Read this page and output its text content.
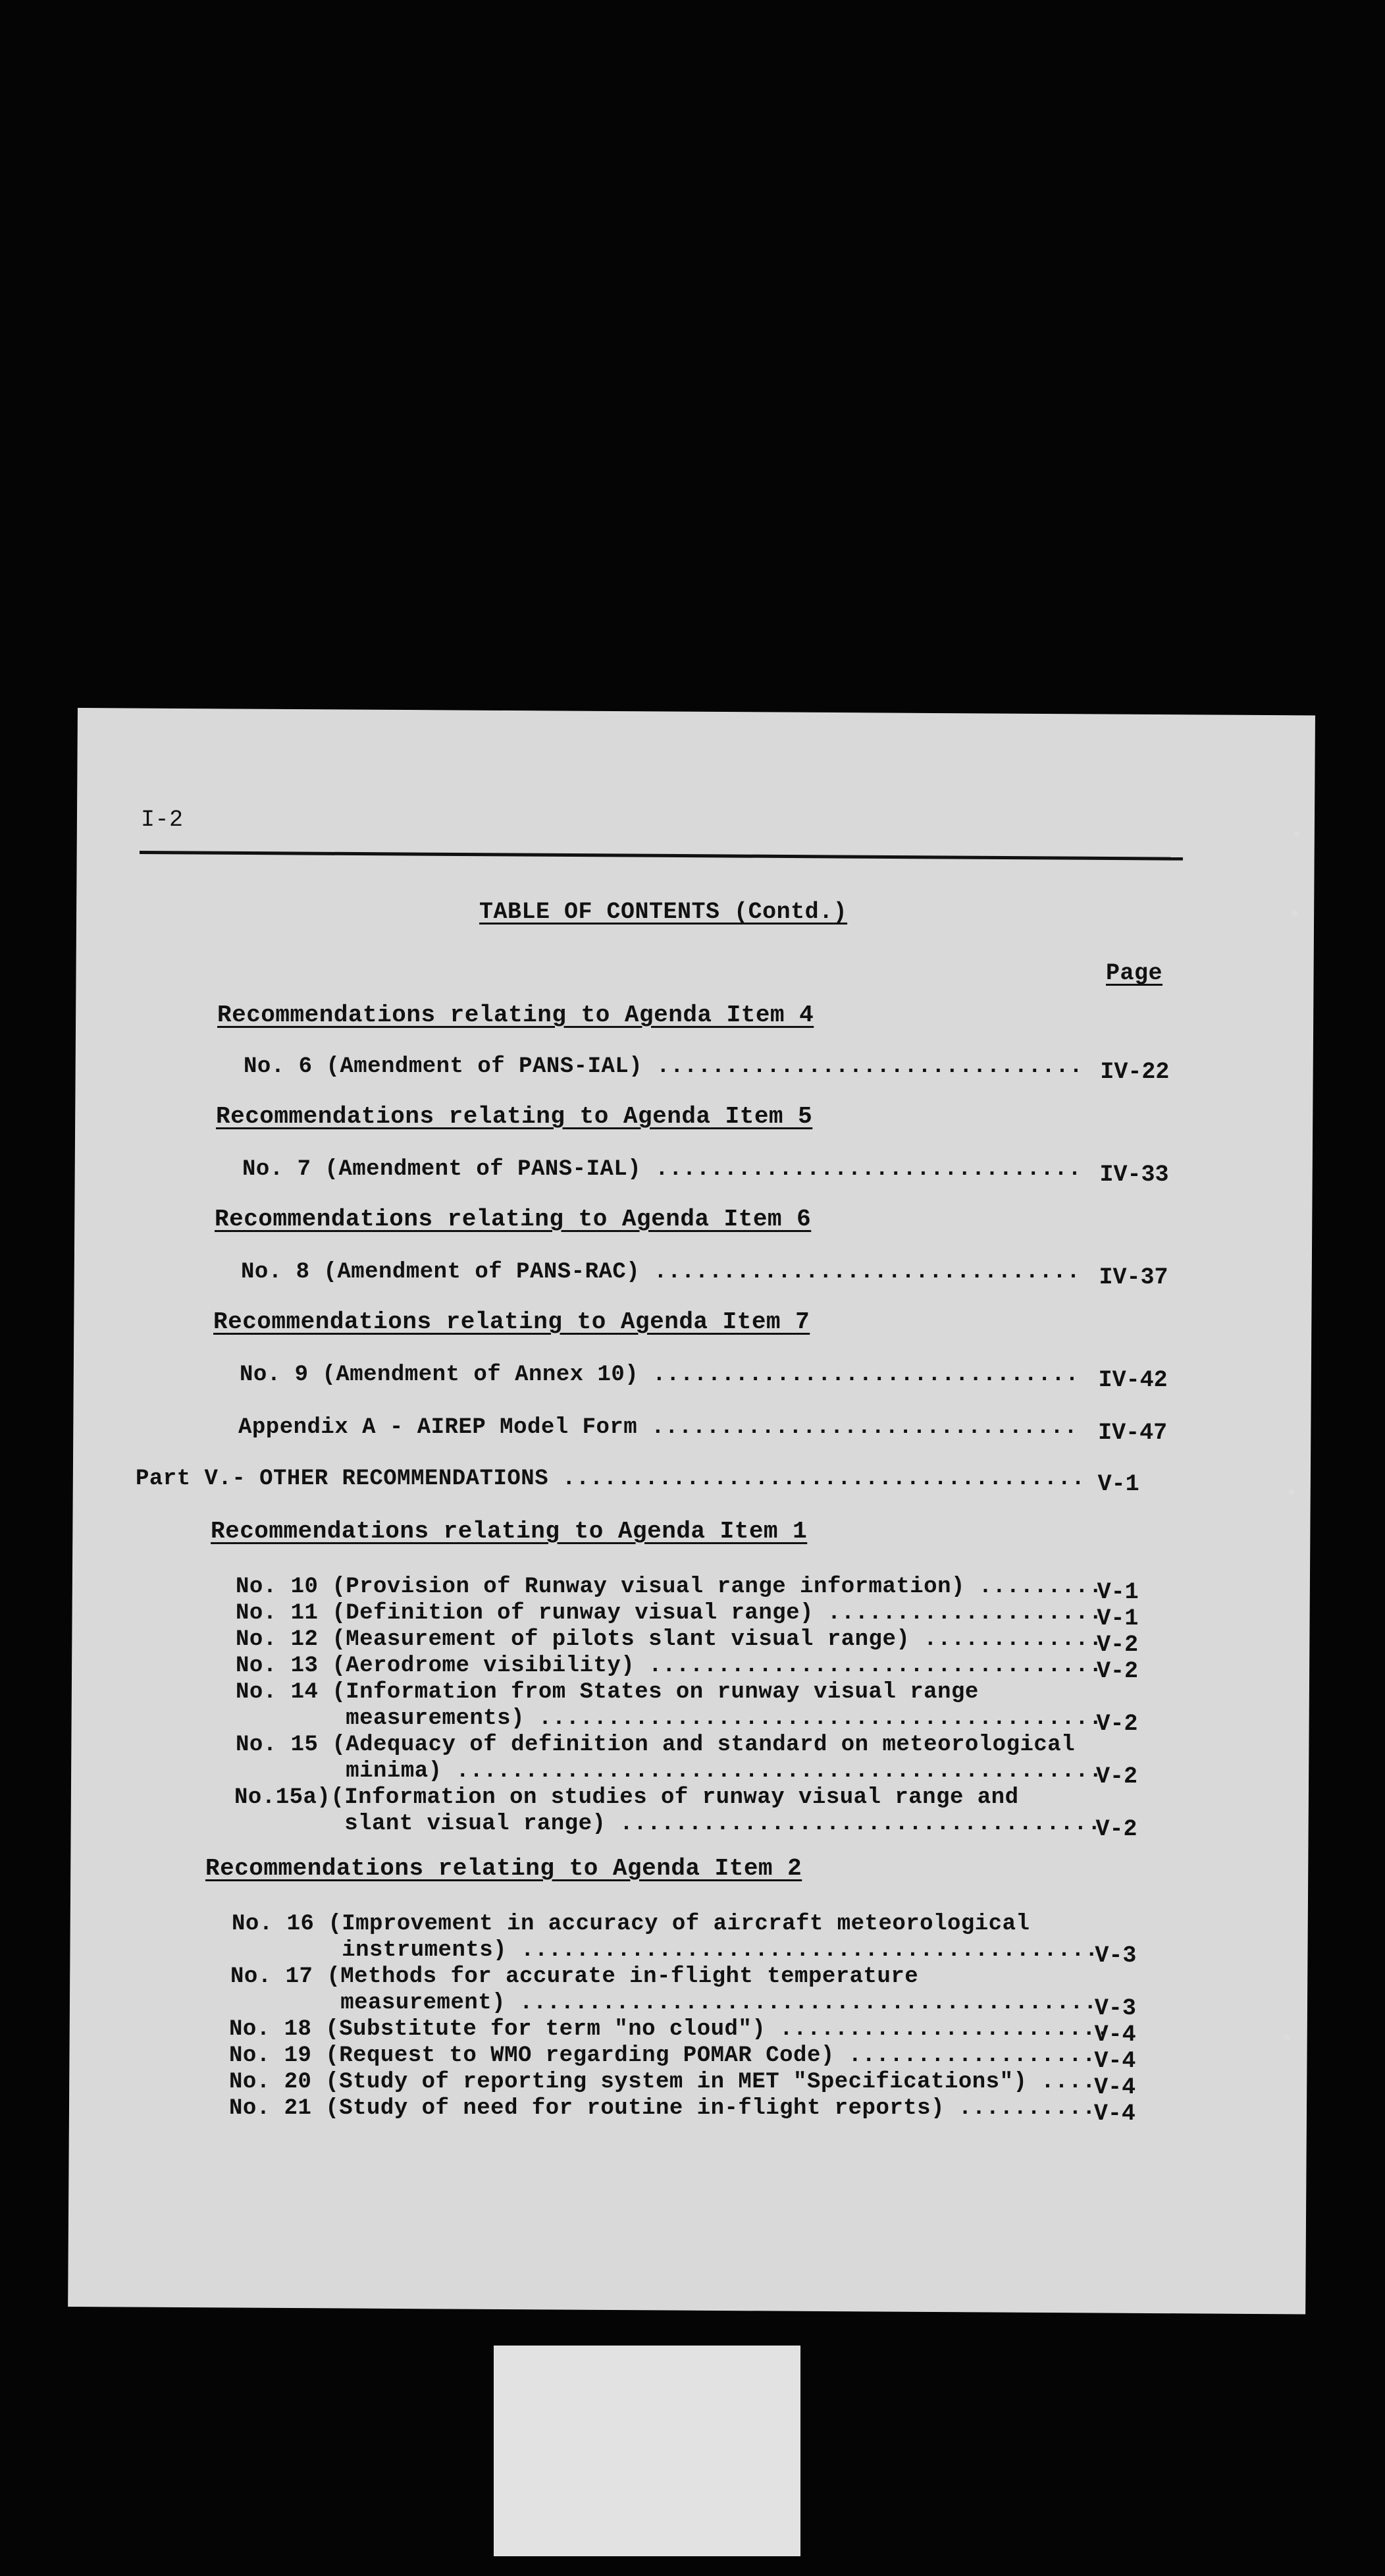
I-2
TABLE OF CONTENTS (Contd.)
Page
Recommendations relating to Agenda Item 4
No. 6 (Amendment of PANS-IAL) ............................... IV-22
Recommendations relating to Agenda Item 5
No. 7 (Amendment of PANS-IAL) ............................... IV-33
Recommendations relating to Agenda Item 6
No. 8 (Amendment of PANS-RAC) ............................... IV-37
Recommendations relating to Agenda Item 7
No. 9 (Amendment of Annex 10) ............................... IV-42
Appendix A - AIREP Model Form ............................... IV-47
Part V.- OTHER RECOMMENDATIONS ...................................... V-1
Recommendations relating to Agenda Item 1
No. 10 (Provision of Runway visual range information) .........
V-1
No. 11 (Definition of runway visual range) ....................
V-1
No. 12 (Measurement of pilots slant visual range) .............
V-2
No. 13 (Aerodrome visibility) .................................
V-2
No. 14 (Information from States on runway visual range
measurements) .........................................
V-2
No. 15 (Adequacy of definition and standard on meteorological
minima) ...............................................
V-2
No.15a)(Information on studies of runway visual range and
slant visual range) ...................................
V-2
Recommendations relating to Agenda Item 2
No. 16 (Improvement in accuracy of aircraft meteorological
instruments) ..........................................
V-3
No. 17 (Methods for accurate in-flight temperature
measurement) ..........................................
V-3
No. 18 (Substitute for term "no cloud") ........................
V-4
No. 19 (Request to WMO regarding POMAR Code) ..................
V-4
No. 20 (Study of reporting system in MET "Specifications") ....
V-4
No. 21 (Study of need for routine in-flight reports) ..........
V-4
